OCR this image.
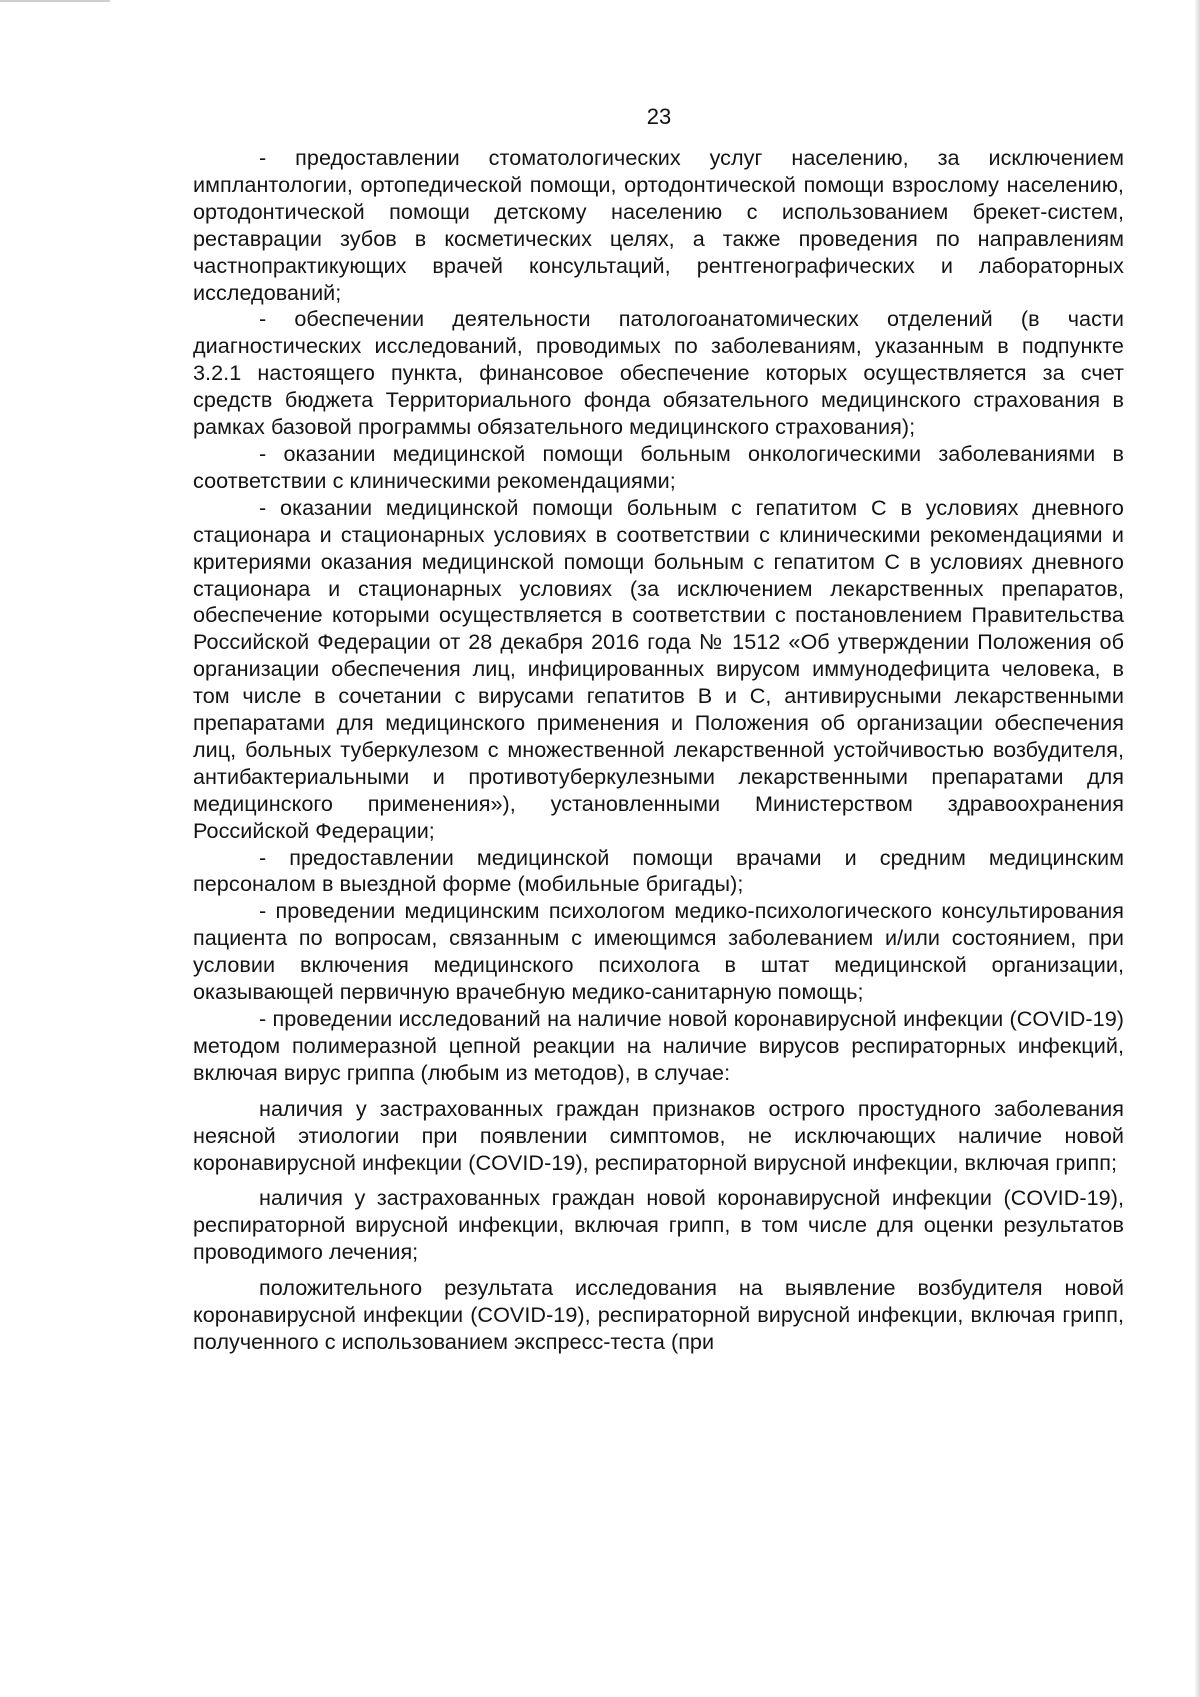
23

- предоставлении стоматологических услуг населению, за исключением имплантологии, ортопедической помощи, ортодонтической помощи взрослому населению, ортодонтической помощи детскому населению с использованием брекет-систем, реставрации зубов в косметических целях, а также проведения по направлениям частнопрактикующих врачей консультаций, рентгенографических и лабораторных исследований;

- обеспечении деятельности патологоанатомических отделений (в части диагностических исследований, проводимых по заболеваниям, указанным в подпункте 3.2.1 настоящего пункта, финансовое обеспечение которых осуществляется за счет средств бюджета Территориального фонда обязательного медицинского страхования в рамках базовой программы обязательного медицинского страхования);

- оказании медицинской помощи больным онкологическими заболеваниями в соответствии с клиническими рекомендациями;

- оказании медицинской помощи больным с гепатитом С в условиях дневного стационара и стационарных условиях в соответствии с клиническими рекомендациями и критериями оказания медицинской помощи больным с гепатитом С в условиях дневного стационара и стационарных условиях (за исключением лекарственных препаратов, обеспечение которыми осуществляется в соответствии с постановлением Правительства Российской Федерации от 28 декабря 2016 года № 1512 «Об утверждении Положения об организации обеспечения лиц, инфицированных вирусом иммунодефицита человека, в том числе в сочетании с вирусами гепатитов В и С, антивирусными лекарственными препаратами для медицинского применения и Положения об организации обеспечения лиц, больных туберкулезом с множественной лекарственной устойчивостью возбудителя, антибактериальными и противотуберкулезными лекарственными препаратами для медицинского применения»), установленными Министерством здравоохранения Российской Федерации;

- предоставлении медицинской помощи врачами и средним медицинским персоналом в выездной форме (мобильные бригады);

- проведении медицинским психологом медико-психологического консультирования пациента по вопросам, связанным с имеющимся заболеванием и/или состоянием, при условии включения медицинского психолога в штат медицинской организации, оказывающей первичную врачебную медико-санитарную помощь;

- проведении исследований на наличие новой коронавирусной инфекции (COVID-19) методом полимеразной цепной реакции на наличие вирусов респираторных инфекций, включая вирус гриппа (любым из методов), в случае:

наличия у застрахованных граждан признаков острого простудного заболевания неясной этиологии при появлении симптомов, не исключающих наличие новой коронавирусной инфекции (COVID-19), респираторной вирусной инфекции, включая грипп;

наличия у застрахованных граждан новой коронавирусной инфекции (COVID-19), респираторной вирусной инфекции, включая грипп, в том числе для оценки результатов проводимого лечения;

положительного результата исследования на выявление возбудителя новой коронавирусной инфекции (COVID-19), респираторной вирусной инфекции, включая грипп, полученного с использованием экспресс-теста (при
